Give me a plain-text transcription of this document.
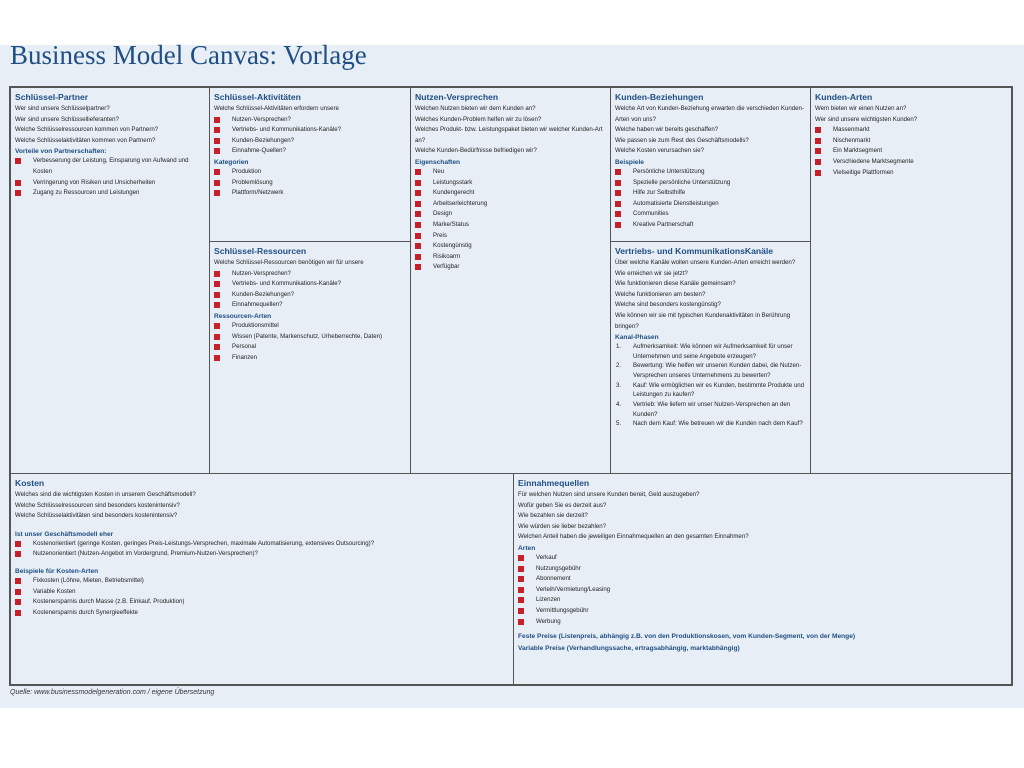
Business Model Canvas: Vorlage
Schlüssel-Partner
Wer sind unsere Schlüsselpartner?
Wer sind unsere Schlüssellieferanten?
Welche Schlüsselressourcen kommen von Partnern?
Welche Schlüsselaktivitäten kommen von Partnern?
Vorteile von Partnerschaften:
Verbesserung der Leistung, Einsparung von Aufwand und Kosten
Verringerung von Risiken und Unsicherheiten
Zugang zu Ressourcen und Leistungen
Schlüssel-Aktivitäten
Welche Schlüssel-Aktivitäten erfordern unsere
Nutzen-Versprechen?
Vertriebs- und Kommunikations-Kanäle?
Kunden-Beziehungen?
Einnahme-Quellen?
Kategorien
Produktion
Problemlösung
Plattform/Netzwerk
Schlüssel-Ressourcen
Welche Schlüssel-Ressourcen benötigen wir für unsere
Nutzen-Versprechen?
Vertriebs- und Kommunikations-Kanäle?
Kunden-Beziehungen?
Einnahmequellen?
Ressourcen-Arten
Produktionsmittel
Wissen (Patente, Markenschutz, Urheberrechte, Daten)
Personal
Finanzen
Nutzen-Versprechen
Welchen Nutzen bieten wir dem Kunden an?
Welches Kunden-Problem helfen wir zu lösen?
Welches Produkt- bzw. Leistungspaket bieten wir welcher Kunden-Art an?
Welche Kunden-Bedürfnisse befriedigen wir?
Eigenschaften
Neu
Leistungsstark
Kundengerecht
Arbeitserleichterung
Design
Marke/Status
Preis
Kostengünstig
Risikoarm
Verfügbar
Kunden-Beziehungen
Welche Art von Kunden-Beziehung erwarten die verschieden Kunden-Arten von uns?
Welche haben wir bereits geschaffen?
Wie passen sie zum Rest des Geschäftsmodells?
Welche Kosten verursachen sie?
Beispiele
Persönliche Unterstützung
Spezielle persönliche Unterstützung
Hilfe zur Selbsthilfe
Automatisierte Dienstleistungen
Communities
Kreative Partnerschaft
Vertriebs- und KommunikationsKanäle
Über welche Kanäle wollen unsere Kunden-Arten erreicht werden?
Wie erreichen wir sie jetzt?
Wie funktionieren diese Kanäle gemeinsam?
Welche funktionieren am besten?
Welche sind besonders kostengünstig?
Wie können wir sie mit typischen Kundenaktivitäten in Berührung bringen?
Kanal-Phasen
1. Aufmerksamkeit: Wie können wir Aufmerksamkeit für unser Unternehmen und seine Angebote erzeugen?
2. Bewertung: Wie helfen wir unseren Kunden dabei, die Nutzen-Versprechen unseres Unternehmens zu bewerten?
3. Kauf: Wie ermöglichen wir es Kunden, bestimmte Produkte und Leistungen zu kaufen?
4. Vertrieb: Wie liefern wir unser Nutzen-Versprechen an den Kunden?
5. Nach dem Kauf: Wie betreuen wir die Kunden nach dem Kauf?
Kunden-Arten
Wem bieten wir einen Nutzen an?
Wer sind unsere wichtigsten Kunden?
Massenmarkt
Nischenmarkt
Ein Marktsegment
Verschiedene Marktsegmente
Vielseitige Plattformen
Kosten
Welches sind die wichtigsten Kosten in unserem Geschäftsmodell?
Welche Schlüsselressourcen sind besonders kostenintensiv?
Welche Schlüsselaktivitäten sind besonders kostenintensiv?
Ist unser Geschäftsmodell eher
Kostenorientiert (geringe Kosten, geringes Preis-Leistungs-Versprechen, maximale Automatisierung, extensives Outsourcing)?
Nutzenorientiert (Nutzen-Angebot im Vordergrund, Premium-Nutzen-Versprechen)?
Beispiele für Kosten-Arten
Fixkosten (Löhne, Mieten, Betriebsmittel)
Variable Kosten
Kostenersparnis durch Masse (z.B. Einkauf, Produktion)
Kostenersparnis durch Synergieeffekte
Einnahmequellen
Für welchen Nutzen sind unsere Kunden bereit, Geld auszugeben?
Wofür geben Sie es derzeit aus?
Wie bezahlen sie derzeit?
Wie würden sie lieber bezahlen?
Welchen Anteil haben die jeweiligen Einnahmequellen an den gesamten Einnahmen?
Arten
Verkauf
Nutzungsgebühr
Abonnement
Verleih/Vermietung/Leasing
Lizenzen
Vermittlungsgebühr
Werbung
Feste Preise (Listenpreis, abhängig z.B. von den Produktionskosen, vom Kunden-Segment, von der Menge)
Variable Preise (Verhandlungssache, ertragsabhängig, marktabhängig)
Quelle: www.businessmodelgeneration.com / eigene Übersetzung
